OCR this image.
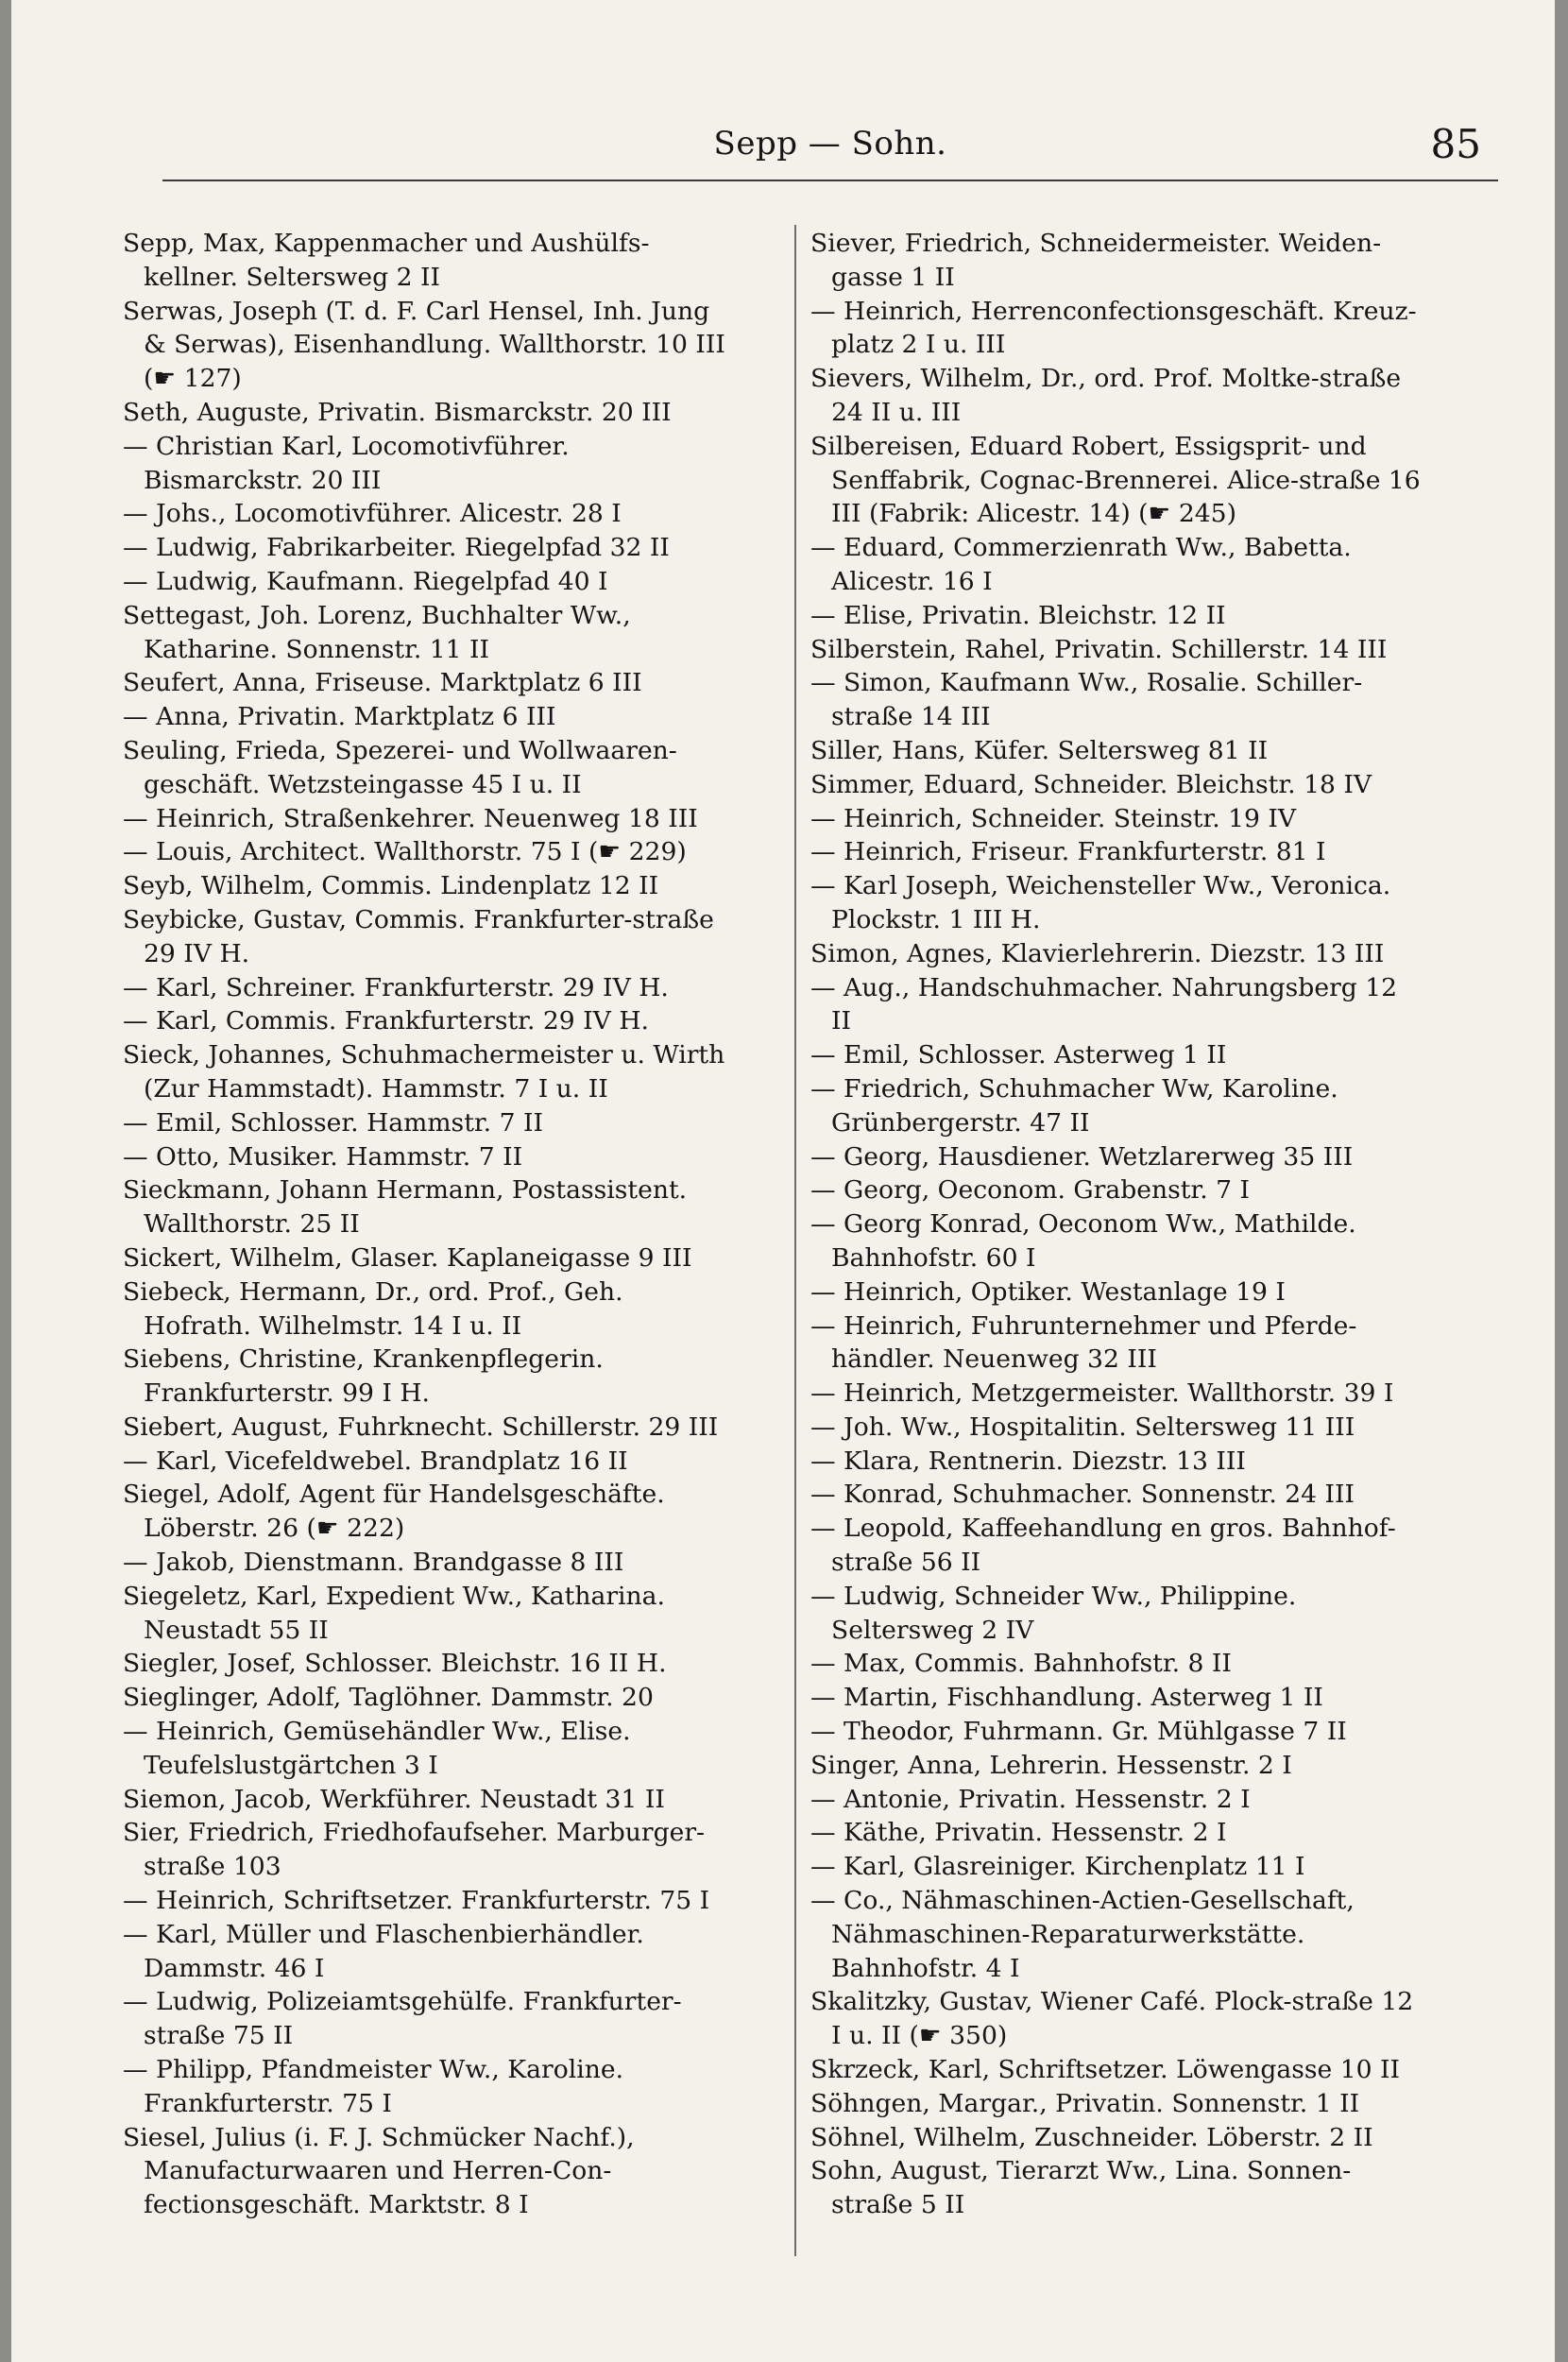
Sepp — Sohn.	85

Sepp, Max, Kappenmacher und Aushülfs-kellner. Seltersweg 2 II

Serwas, Joseph (T. d. F. Carl Hensel, Inh. Jung & Serwas), Eisenhandlung. Wallthorstr. 10 III (☛ 127)

Seth, Auguste, Privatin. Bismarckstr. 20 III

— Christian Karl, Locomotivführer. Bismarckstr. 20 III

— Johs., Locomotivführer. Alicestr. 28 I

— Ludwig, Fabrikarbeiter. Riegelpfad 32 II

— Ludwig, Kaufmann. Riegelpfad 40 I

Settegast, Joh. Lorenz, Buchhalter Ww., Katharine. Sonnenstr. 11 II

Seufert, Anna, Friseuse. Marktplatz 6 III

— Anna, Privatin. Marktplatz 6 III

Seuling, Frieda, Spezerei- und Wollwaaren-geschäft. Wetzsteingasse 45 I u. II

— Heinrich, Straßenkehrer. Neuenweg 18 III

— Louis, Architect. Wallthorstr. 75 I (☛ 229)

Seyb, Wilhelm, Commis. Lindenplatz 12 II

Seybicke, Gustav, Commis. Frankfurter-straße 29 IV H.

— Karl, Schreiner. Frankfurterstr. 29 IV H.

— Karl, Commis. Frankfurterstr. 29 IV H.

Sieck, Johannes, Schuhmachermeister u. Wirth (Zur Hammstadt). Hammstr. 7 I u. II

— Emil, Schlosser. Hammstr. 7 II

— Otto, Musiker. Hammstr. 7 II

Sieckmann, Johann Hermann, Postassistent. Wallthorstr. 25 II

Sickert, Wilhelm, Glaser. Kaplaneigasse 9 III

Siebeck, Hermann, Dr., ord. Prof., Geh. Hofrath. Wilhelmstr. 14 I u. II

Siebens, Christine, Krankenpflegerin. Frankfurterstr. 99 I H.

Siebert, August, Fuhrknecht. Schillerstr. 29 III

— Karl, Vicefeldwebel. Brandplatz 16 II

Siegel, Adolf, Agent für Handelsgeschäfte. Löberstr. 26 (☛ 222)

— Jakob, Dienstmann. Brandgasse 8 III

Siegeletz, Karl, Expedient Ww., Katharina. Neustadt 55 II

Siegler, Josef, Schlosser. Bleichstr. 16 II H.

Sieglinger, Adolf, Taglöhner. Dammstr. 20

— Heinrich, Gemüsehändler Ww., Elise. Teufelslustgärtchen 3 I

Siemon, Jacob, Werkführer. Neustadt 31 II

Sier, Friedrich, Friedhofaufseher. Marburger-straße 103

— Heinrich, Schriftsetzer. Frankfurterstr. 75 I

— Karl, Müller und Flaschenbierhändler. Dammstr. 46 I

— Ludwig, Polizeiamtsgehülfe. Frankfurter-straße 75 II

— Philipp, Pfandmeister Ww., Karoline. Frankfurterstr. 75 I

Siesel, Julius (i. F. J. Schmücker Nachf.), Manufacturwaaren und Herren-Con-fectionsgeschäft. Marktstr. 8 I

Siever, Friedrich, Schneidermeister. Weiden-gasse 1 II

— Heinrich, Herrenconfectionsgeschäft. Kreuz-platz 2 I u. III

Sievers, Wilhelm, Dr., ord. Prof. Moltke-straße 24 II u. III

Silbereisen, Eduard Robert, Essigsprit- und Senffabrik, Cognac-Brennerei. Alice-straße 16 III (Fabrik: Alicestr. 14) (☛ 245)

— Eduard, Commerzienrath Ww., Babetta. Alicestr. 16 I

— Elise, Privatin. Bleichstr. 12 II

Silberstein, Rahel, Privatin. Schillerstr. 14 III

— Simon, Kaufmann Ww., Rosalie. Schiller-straße 14 III

Siller, Hans, Küfer. Seltersweg 81 II

Simmer, Eduard, Schneider. Bleichstr. 18 IV

— Heinrich, Schneider. Steinstr. 19 IV

— Heinrich, Friseur. Frankfurterstr. 81 I

— Karl Joseph, Weichensteller Ww., Veronica. Plockstr. 1 III H.

Simon, Agnes, Klavierlehrerin. Diezstr. 13 III

— Aug., Handschuhmacher. Nahrungsberg 12 II

— Emil, Schlosser. Asterweg 1 II

— Friedrich, Schuhmacher Ww, Karoline. Grünbergerstr. 47 II

— Georg, Hausdiener. Wetzlarerweg 35 III

— Georg, Oeconom. Grabenstr. 7 I

— Georg Konrad, Oeconom Ww., Mathilde. Bahnhofstr. 60 I

— Heinrich, Optiker. Westanlage 19 I

— Heinrich, Fuhrunternehmer und Pferde-händler. Neuenweg 32 III

— Heinrich, Metzgermeister. Wallthorstr. 39 I

— Joh. Ww., Hospitalitin. Seltersweg 11 III

— Klara, Rentnerin. Diezstr. 13 III

— Konrad, Schuhmacher. Sonnenstr. 24 III

— Leopold, Kaffeehandlung en gros. Bahnhof-straße 56 II

— Ludwig, Schneider Ww., Philippine. Seltersweg 2 IV

— Max, Commis. Bahnhofstr. 8 II

— Martin, Fischhandlung. Asterweg 1 II

— Theodor, Fuhrmann. Gr. Mühlgasse 7 II

Singer, Anna, Lehrerin. Hessenstr. 2 I

— Antonie, Privatin. Hessenstr. 2 I

— Käthe, Privatin. Hessenstr. 2 I

— Karl, Glasreiniger. Kirchenplatz 11 I

— Co., Nähmaschinen-Actien-Gesellschaft, Nähmaschinen-Reparaturwerkstätte. Bahnhofstr. 4 I

Skalitzky, Gustav, Wiener Café. Plock-straße 12 I u. II (☛ 350)

Skrzeck, Karl, Schriftsetzer. Löwengasse 10 II

Söhngen, Margar., Privatin. Sonnenstr. 1 II

Söhnel, Wilhelm, Zuschneider. Löberstr. 2 II

Sohn, August, Tierarzt Ww., Lina. Sonnen-straße 5 II
